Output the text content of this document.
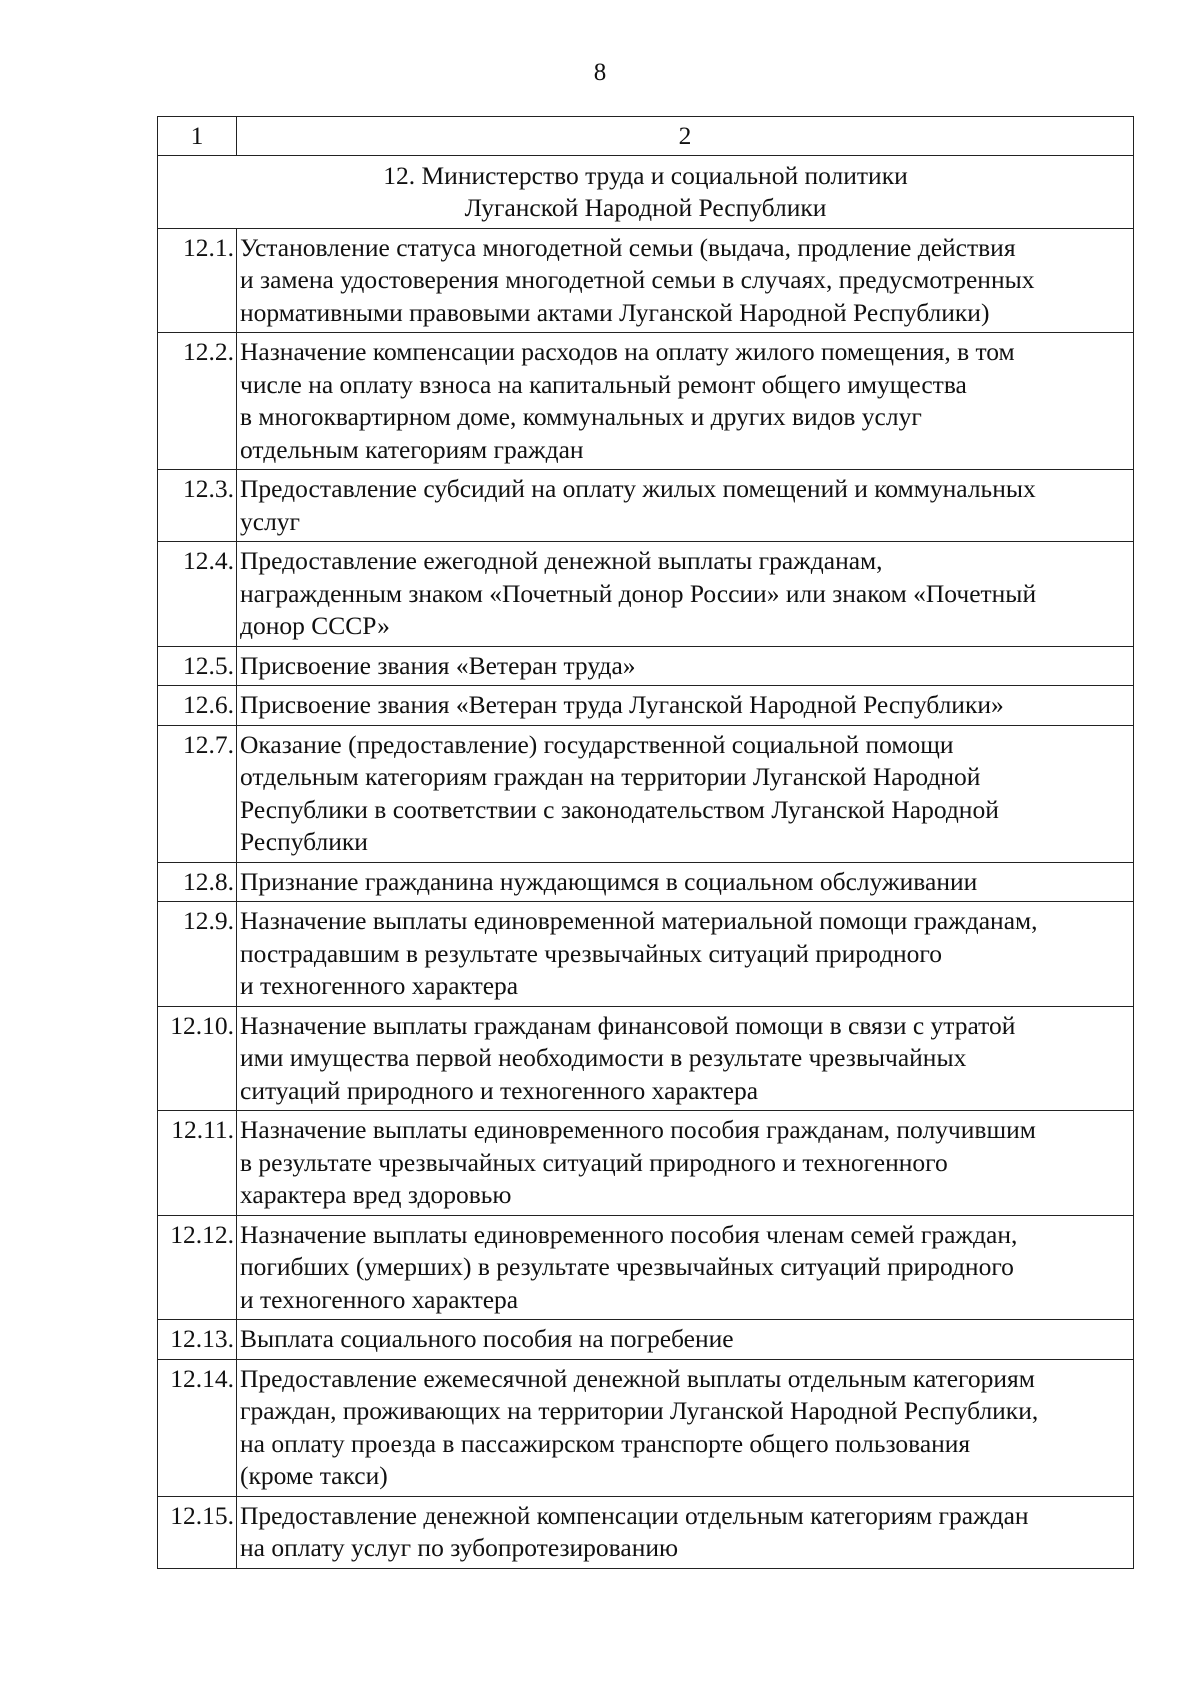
8
1	2

12. Министерство труда и социальной политики
Луганской Народной Республики	

12.1.	Установление статуса многодетной семьи (выдача, продление действия
и замена удостоверения многодетной семьи в случаях, предусмотренных
нормативными правовыми актами Луганской Народной Республики)

12.2.	Назначение компенсации расходов на оплату жилого помещения, в том
числе на оплату взноса на капитальный ремонт общего имущества
в многоквартирном доме, коммунальных и других видов услуг
отдельным категориям граждан

12.3.	Предоставление субсидий на оплату жилых помещений и коммунальных
услуг

12.4.	Предоставление ежегодной денежной выплаты гражданам,
награжденным знаком «Почетный донор России» или знаком «Почетный
донор СССР»

12.5.	Присвоение звания «Ветеран труда»

12.6.	Присвоение звания «Ветеран труда Луганской Народной Республики»

12.7.	Оказание (предоставление) государственной социальной помощи
отдельным категориям граждан на территории Луганской Народной
Республики в соответствии с законодательством Луганской Народной
Республики

12.8.	Признание гражданина нуждающимся в социальном обслуживании

12.9.	Назначение выплаты единовременной материальной помощи гражданам,
пострадавшим в результате чрезвычайных ситуаций природного
и техногенного характера

12.10.	Назначение выплаты гражданам финансовой помощи в связи с утратой
ими имущества первой необходимости в результате чрезвычайных
ситуаций природного и техногенного характера

12.11.	Назначение выплаты единовременного пособия гражданам, получившим
в результате чрезвычайных ситуаций природного и техногенного
характера вред здоровью

12.12.	Назначение выплаты единовременного пособия членам семей граждан,
погибших (умерших) в результате чрезвычайных ситуаций природного
и техногенного характера

12.13.	Выплата социального пособия на погребение

12.14.	Предоставление ежемесячной денежной выплаты отдельным категориям
граждан, проживающих на территории Луганской Народной Республики,
на оплату проезда в пассажирском транспорте общего пользования
(кроме такси)

12.15.	Предоставление денежной компенсации отдельным категориям граждан
на оплату услуг по зубопротезированию
